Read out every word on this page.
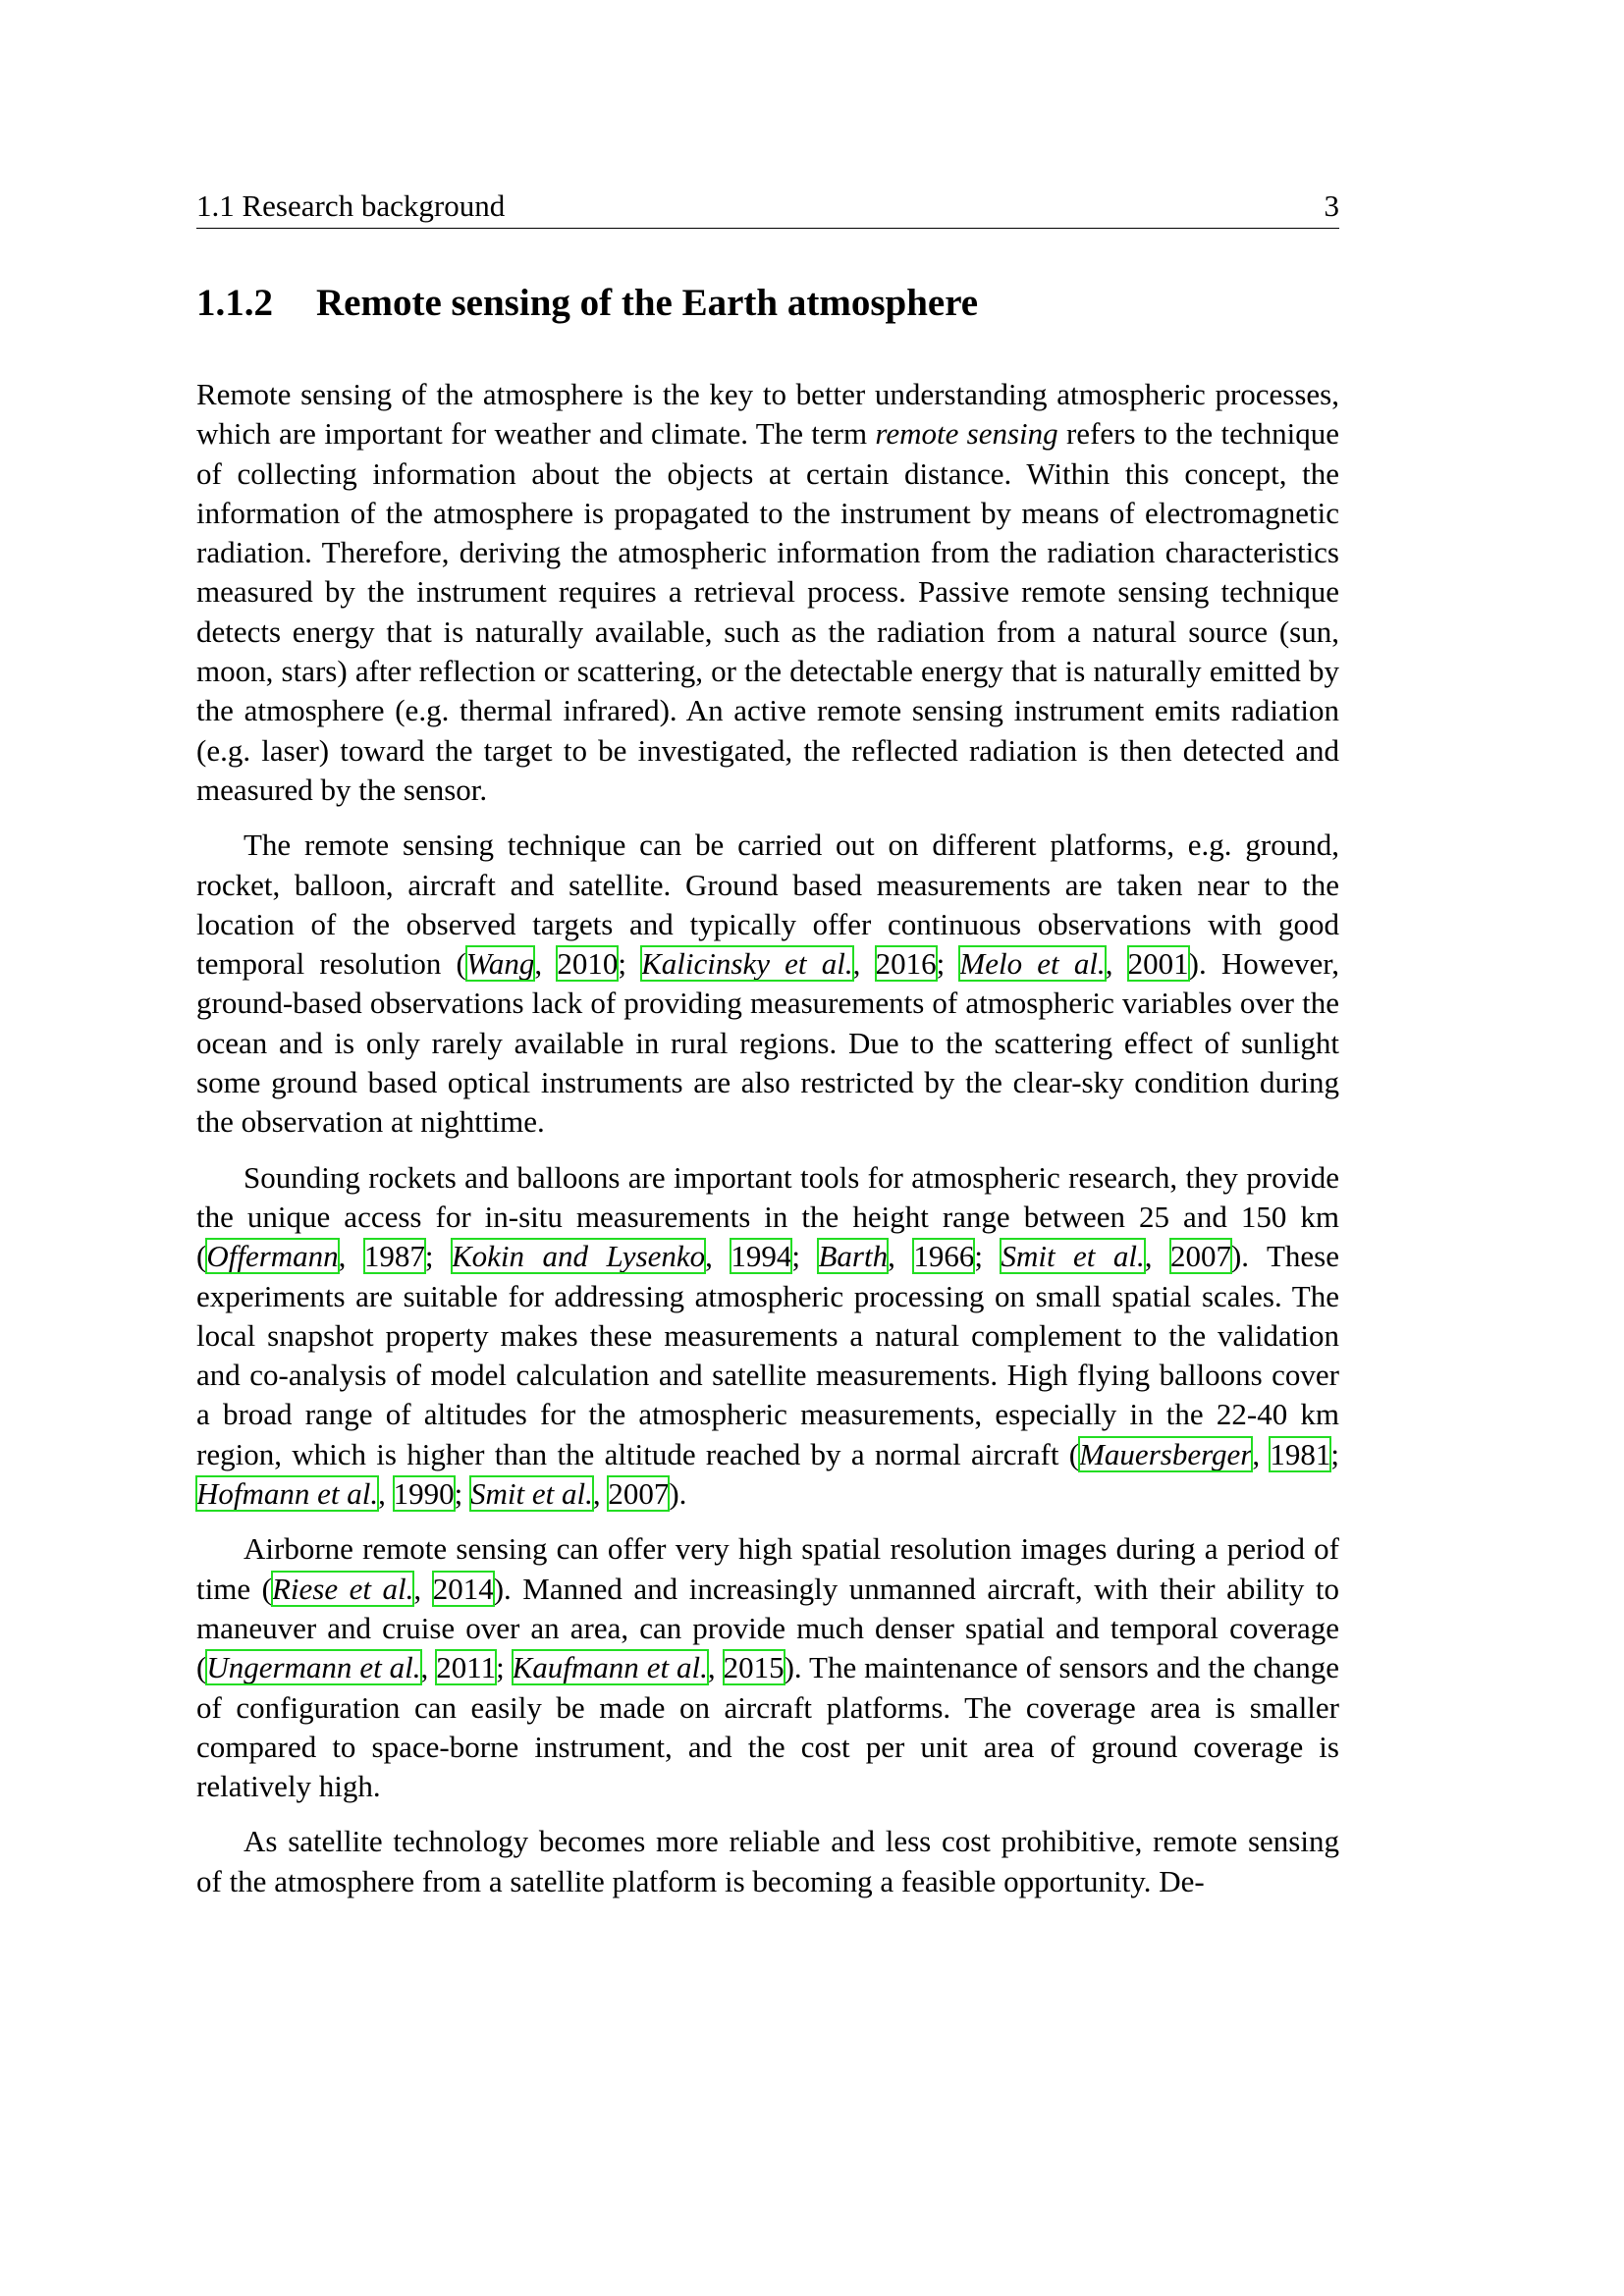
1.1 Research background	3
1.1.2	Remote sensing of the Earth atmosphere

Remote sensing of the atmosphere is the key to better understanding atmospheric processes, which are important for weather and climate. The term remote sensing refers to the technique of collecting information about the objects at certain distance. Within this concept, the information of the atmosphere is propagated to the instrument by means of electromagnetic radiation. Therefore, deriving the atmospheric information from the radiation characteristics measured by the instrument requires a retrieval process. Passive remote sensing technique detects energy that is naturally available, such as the radiation from a natural source (sun, moon, stars) after reflection or scattering, or the detectable energy that is naturally emitted by the atmosphere (e.g. thermal infrared). An active remote sensing instrument emits radiation (e.g. laser) toward the target to be investigated, the reflected radiation is then detected and measured by the sensor.

The remote sensing technique can be carried out on different platforms, e.g. ground, rocket, balloon, aircraft and satellite. Ground based measurements are taken near to the location of the observed targets and typically offer continuous observations with good temporal resolution (Wang, 2010; Kalicinsky et al., 2016; Melo et al., 2001). However, ground-based observations lack of providing measurements of atmospheric variables over the ocean and is only rarely available in rural regions. Due to the scattering effect of sunlight some ground based optical instruments are also restricted by the clear-sky condition during the observation at nighttime.

Sounding rockets and balloons are important tools for atmospheric research, they provide the unique access for in-situ measurements in the height range between 25 and 150 km (Offermann, 1987; Kokin and Lysenko, 1994; Barth, 1966; Smit et al., 2007). These experiments are suitable for addressing atmospheric processing on small spatial scales. The local snapshot property makes these measurements a natural complement to the validation and co-analysis of model calculation and satellite measurements. High flying balloons cover a broad range of altitudes for the atmospheric measurements, especially in the 22-40 km region, which is higher than the altitude reached by a normal aircraft (Mauersberger, 1981; Hofmann et al., 1990; Smit et al., 2007).

Airborne remote sensing can offer very high spatial resolution images during a period of time (Riese et al., 2014). Manned and increasingly unmanned aircraft, with their ability to maneuver and cruise over an area, can provide much denser spatial and temporal coverage (Ungermann et al., 2011; Kaufmann et al., 2015). The maintenance of sensors and the change of configuration can easily be made on aircraft platforms. The coverage area is smaller compared to space-borne instrument, and the cost per unit area of ground coverage is relatively high.

As satellite technology becomes more reliable and less cost prohibitive, remote sensing of the atmosphere from a satellite platform is becoming a feasible opportunity. De-
